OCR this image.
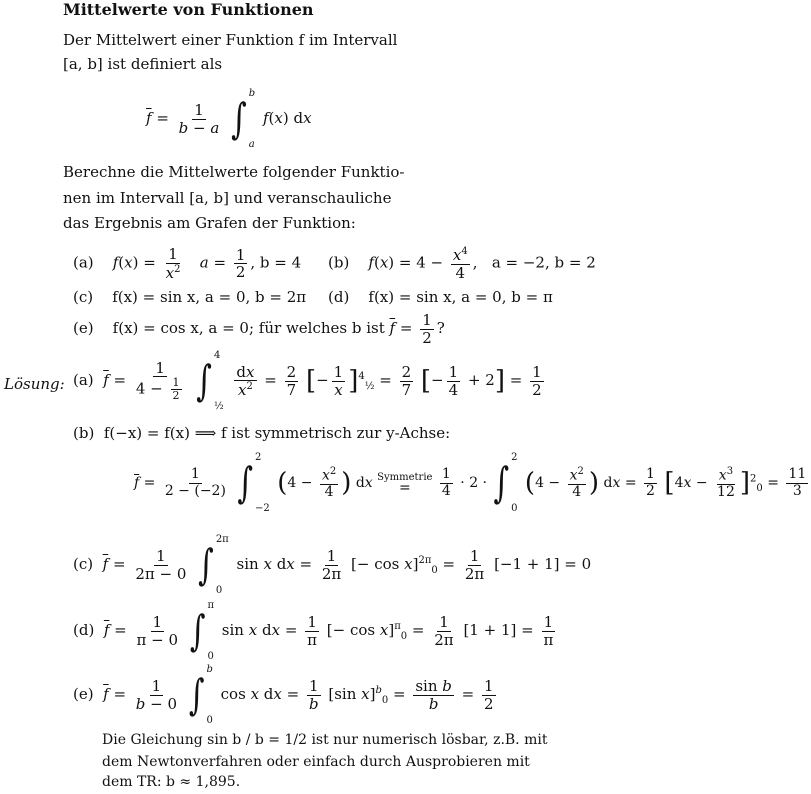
Mittelwerte von Funktionen
Der Mittelwert einer Funktion f im Intervall
[a, b] ist definiert als
$\overline{f} = \frac{1}{b - a}$ ∫
b
a
f(x) dx
Berechne die Mittelwerte folgender Funktio-
nen im Intervall [a, b] und veranschauliche
das Ergebnis am Grafen der Funktion:
(a) $f(x) = \frac{1}{x^2}$ $a = \frac{1}{2}$ , b = 4 (b) $f(x) = 4 - \frac{x^4}{4}$ ,   a = −2, b = 2
(c) f(x) = sin x, a = 0, b = 2π (d) f(x) = sin x, a = 0, b = π
(e) f(x) = cos x, a = 0; für welches b ist $\overline{f} = \frac{1}{2}$ ?
Lösung: (a)  $\overline{f} = \frac{1}{4 - \frac{1}{2}}$ ∫
4
½

$\frac{dx}{x^2} = \frac{2}{7}$ [− $\frac{1}{x} ]^4_{\frac{1}{2}} = \frac{2}{7}$ [− $\frac{1}{4} + 2] = \frac{1}{2}$
(b)  f(−x) = f(x) ⟹ f ist symmetrisch zur y-Achse:
$\overline{f} = \frac{1}{2 - (-2)}$ ∫
2
−2
($4 - \frac{x^2}{4}$ ) dx Symmetrie
=
$\frac{1}{4} \cdot 2$ · ∫
2
0
($4 - \frac{x^2}{4}$ ) dx = $\frac{1}{2} [4x - \frac{x^3}{12} ]^2_0 = \frac{11}{3}$
(c)  $\overline{f} = \frac{1}{2\pi - 0}$ ∫
2π
0
sin x dx = $\frac{1}{2\pi}$ [− $\cos x]^{2\pi}_0 = \frac{1}{2\pi} [-1 + 1] = 0$
(d)  $\overline{f} = \frac{1}{\pi - 0}$ ∫
π
0
sin x dx = $\frac{1}{\pi}$ [− $\cos x]^\pi_0 = \frac{1}{2\pi} [1 + 1] = \frac{1}{\pi}$
(e)  $\overline{f} = \frac{1}{b - 0}$ ∫
b
0
cos x dx = $\frac{1}{b} [\sin$ $x]^b_0 = \frac{\text{sin b}}{b} = \frac{1}{2}$
Die Gleichung sin b / b = 1/2 ist nur numerisch lösbar, z.B. mit
dem Newtonverfahren oder einfach durch Ausprobieren mit
dem TR: b ≈ 1,895.
